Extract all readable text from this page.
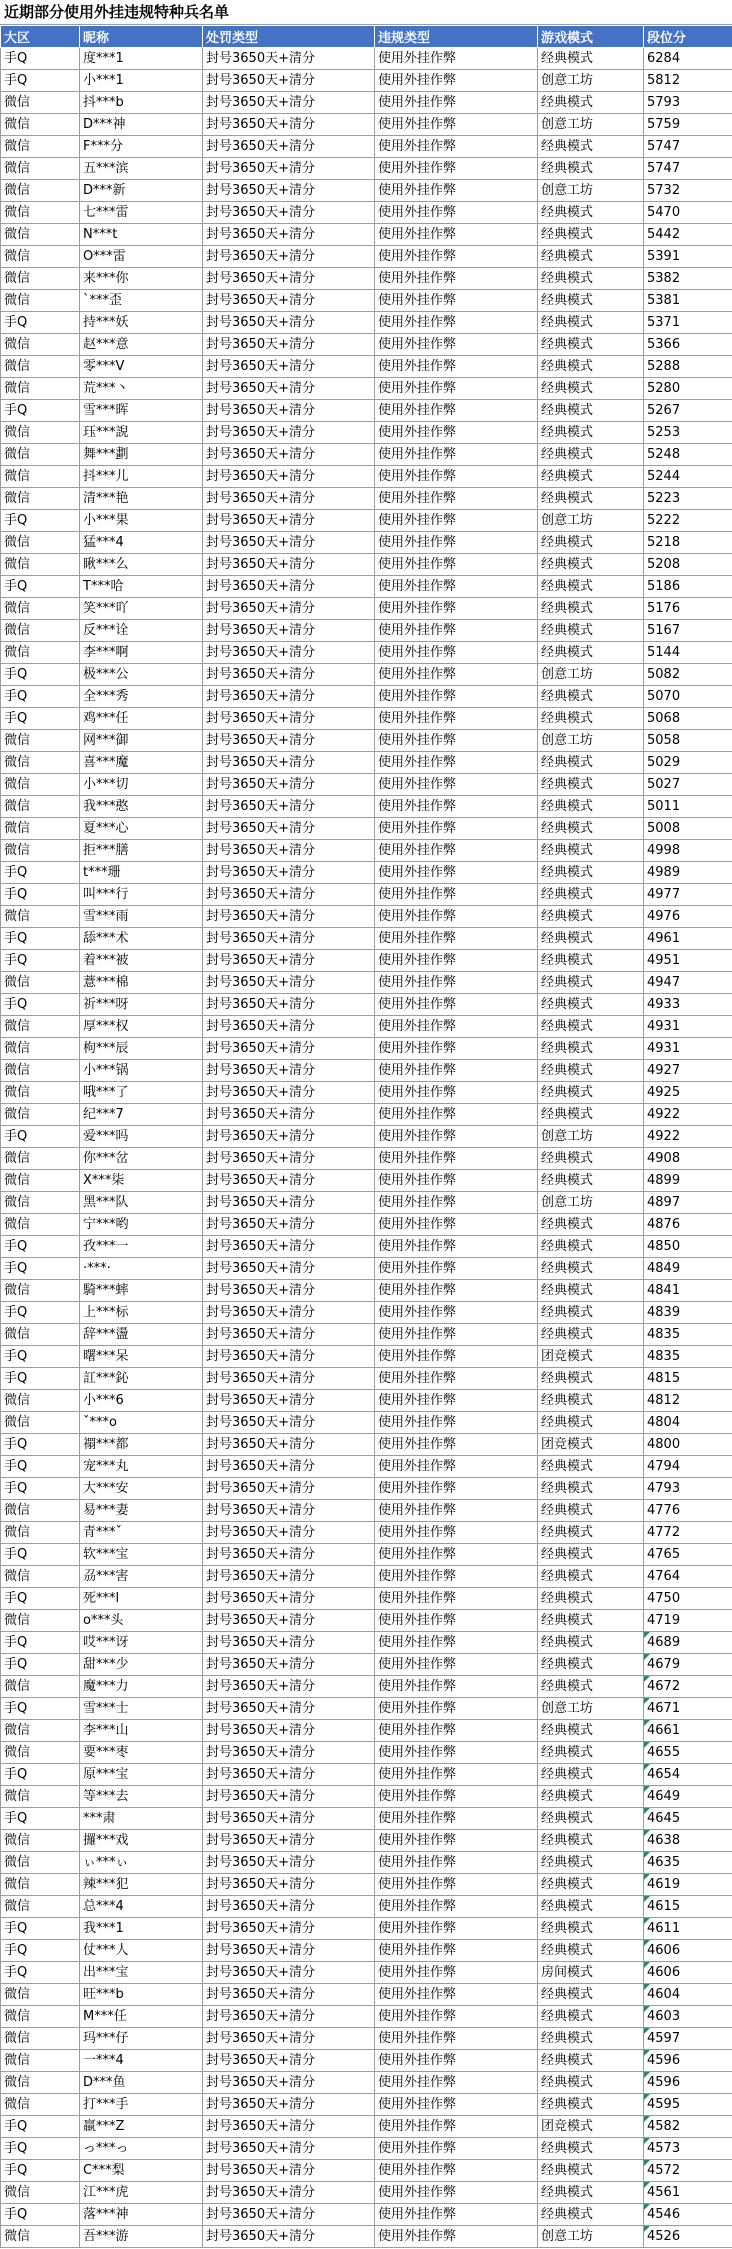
近期部分使用外挂违规特种兵名单
大区	昵称	处罚类型	违规类型	游戏模式	段位分
手Q	度***1	封号3650天+清分	使用外挂作弊	经典模式	6284
手Q	小***1	封号3650天+清分	使用外挂作弊	创意工坊	5812
微信	抖***b	封号3650天+清分	使用外挂作弊	经典模式	5793
微信	D***神	封号3650天+清分	使用外挂作弊	创意工坊	5759
微信	F***分	封号3650天+清分	使用外挂作弊	经典模式	5747
微信	五***滨	封号3650天+清分	使用外挂作弊	经典模式	5747
微信	D***新	封号3650天+清分	使用外挂作弊	创意工坊	5732
微信	七***雷	封号3650天+清分	使用外挂作弊	经典模式	5470
微信	N***t	封号3650天+清分	使用外挂作弊	经典模式	5442
微信	O***雷	封号3650天+清分	使用外挂作弊	经典模式	5391
微信	来***你	封号3650天+清分	使用外挂作弊	经典模式	5382
微信	ˋ***歪	封号3650天+清分	使用外挂作弊	经典模式	5381
手Q	持***妖	封号3650天+清分	使用外挂作弊	经典模式	5371
微信	赵***意	封号3650天+清分	使用外挂作弊	经典模式	5366
微信	零***V	封号3650天+清分	使用外挂作弊	经典模式	5288
微信	荒***丶	封号3650天+清分	使用外挂作弊	经典模式	5280
手Q	雪***晖	封号3650天+清分	使用外挂作弊	经典模式	5267
微信	珏***誽	封号3650天+清分	使用外挂作弊	经典模式	5253
微信	舞***劃	封号3650天+清分	使用外挂作弊	经典模式	5248
微信	抖***儿	封号3650天+清分	使用外挂作弊	经典模式	5244
微信	清***艳	封号3650天+清分	使用外挂作弊	经典模式	5223
手Q	小***果	封号3650天+清分	使用外挂作弊	创意工坊	5222
微信	猛***4	封号3650天+清分	使用外挂作弊	经典模式	5218
微信	瞅***么	封号3650天+清分	使用外挂作弊	经典模式	5208
手Q	T***哈	封号3650天+清分	使用外挂作弊	经典模式	5186
微信	笑***吖	封号3650天+清分	使用外挂作弊	经典模式	5176
微信	反***诠	封号3650天+清分	使用外挂作弊	经典模式	5167
微信	李***啊	封号3650天+清分	使用外挂作弊	经典模式	5144
手Q	极***公	封号3650天+清分	使用外挂作弊	创意工坊	5082
手Q	全***秀	封号3650天+清分	使用外挂作弊	经典模式	5070
手Q	鸡***任	封号3650天+清分	使用外挂作弊	经典模式	5068
微信	网***御	封号3650天+清分	使用外挂作弊	创意工坊	5058
微信	喜***魔	封号3650天+清分	使用外挂作弊	经典模式	5029
微信	小***切	封号3650天+清分	使用外挂作弊	经典模式	5027
微信	我***憨	封号3650天+清分	使用外挂作弊	经典模式	5011
微信	夏***心	封号3650天+清分	使用外挂作弊	经典模式	5008
微信	拒***膳	封号3650天+清分	使用外挂作弊	经典模式	4998
手Q	t***珊	封号3650天+清分	使用外挂作弊	经典模式	4989
手Q	叫***行	封号3650天+清分	使用外挂作弊	经典模式	4977
微信	雪***雨	封号3650天+清分	使用外挂作弊	经典模式	4976
手Q	舔***术	封号3650天+清分	使用外挂作弊	经典模式	4961
手Q	着***被	封号3650天+清分	使用外挂作弊	经典模式	4951
微信	薏***棉	封号3650天+清分	使用外挂作弊	经典模式	4947
手Q	祈***呀	封号3650天+清分	使用外挂作弊	经典模式	4933
微信	厚***权	封号3650天+清分	使用外挂作弊	经典模式	4931
微信	枸***辰	封号3650天+清分	使用外挂作弊	经典模式	4931
微信	小***锅	封号3650天+清分	使用外挂作弊	经典模式	4927
微信	哦***了	封号3650天+清分	使用外挂作弊	经典模式	4925
微信	纪***7	封号3650天+清分	使用外挂作弊	经典模式	4922
手Q	爱***吗	封号3650天+清分	使用外挂作弊	创意工坊	4922
微信	你***岔	封号3650天+清分	使用外挂作弊	经典模式	4908
微信	X***柒	封号3650天+清分	使用外挂作弊	经典模式	4899
微信	黑***队	封号3650天+清分	使用外挂作弊	创意工坊	4897
微信	宁***哟	封号3650天+清分	使用外挂作弊	经典模式	4876
手Q	孜***一	封号3650天+清分	使用外挂作弊	经典模式	4850
手Q	·***·	封号3650天+清分	使用外挂作弊	经典模式	4849
微信	騎***蟀	封号3650天+清分	使用外挂作弊	经典模式	4841
手Q	上***标	封号3650天+清分	使用外挂作弊	经典模式	4839
微信	辞***盪	封号3650天+清分	使用外挂作弊	经典模式	4835
手Q	曙***呆	封号3650天+清分	使用外挂作弊	团竞模式	4835
手Q	訌***鈊	封号3650天+清分	使用外挂作弊	经典模式	4815
微信	小***6	封号3650天+清分	使用外挂作弊	经典模式	4812
微信	ˇ***o	封号3650天+清分	使用外挂作弊	经典模式	4804
手Q	禤***都	封号3650天+清分	使用外挂作弊	团竞模式	4800
手Q	宠***丸	封号3650天+清分	使用外挂作弊	经典模式	4794
手Q	大***安	封号3650天+清分	使用外挂作弊	经典模式	4793
微信	易***妻	封号3650天+清分	使用外挂作弊	经典模式	4776
微信	青***ˇ	封号3650天+清分	使用外挂作弊	经典模式	4772
手Q	软***宝	封号3650天+清分	使用外挂作弊	经典模式	4765
微信	刕***害	封号3650天+清分	使用外挂作弊	经典模式	4764
手Q	死***l	封号3650天+清分	使用外挂作弊	经典模式	4750
微信	o***头	封号3650天+清分	使用外挂作弊	经典模式	4719
手Q	哎***讶	封号3650天+清分	使用外挂作弊	经典模式	4689
手Q	甜***少	封号3650天+清分	使用外挂作弊	经典模式	4679
微信	魔***力	封号3650天+清分	使用外挂作弊	经典模式	4672
手Q	雪***士	封号3650天+清分	使用外挂作弊	创意工坊	4671
微信	李***山	封号3650天+清分	使用外挂作弊	经典模式	4661
微信	要***枣	封号3650天+清分	使用外挂作弊	经典模式	4655
手Q	原***宝	封号3650天+清分	使用外挂作弊	经典模式	4654
微信	等***去	封号3650天+清分	使用外挂作弊	经典模式	4649
手Q	***肃	封号3650天+清分	使用外挂作弊	经典模式	4645
微信	攞***戏	封号3650天+清分	使用外挂作弊	经典模式	4638
微信	ぃ***ぃ	封号3650天+清分	使用外挂作弊	经典模式	4635
微信	辣***犯	封号3650天+清分	使用外挂作弊	经典模式	4619
微信	总***4	封号3650天+清分	使用外挂作弊	经典模式	4615
手Q	我***1	封号3650天+清分	使用外挂作弊	经典模式	4611
手Q	仗***人	封号3650天+清分	使用外挂作弊	经典模式	4606
手Q	出***宝	封号3650天+清分	使用外挂作弊	房间模式	4606
微信	旺***b	封号3650天+清分	使用外挂作弊	经典模式	4604
微信	M***任	封号3650天+清分	使用外挂作弊	经典模式	4603
微信	玛***仔	封号3650天+清分	使用外挂作弊	经典模式	4597
微信	一***4	封号3650天+清分	使用外挂作弊	经典模式	4596
微信	D***鱼	封号3650天+清分	使用外挂作弊	经典模式	4596
微信	打***手	封号3650天+清分	使用外挂作弊	经典模式	4595
手Q	羸***Z	封号3650天+清分	使用外挂作弊	团竞模式	4582
手Q	っ***っ	封号3650天+清分	使用外挂作弊	经典模式	4573
手Q	C***梨	封号3650天+清分	使用外挂作弊	经典模式	4572
微信	江***虎	封号3650天+清分	使用外挂作弊	经典模式	4561
手Q	落***神	封号3650天+清分	使用外挂作弊	经典模式	4546
微信	吾***游	封号3650天+清分	使用外挂作弊	创意工坊	4526
